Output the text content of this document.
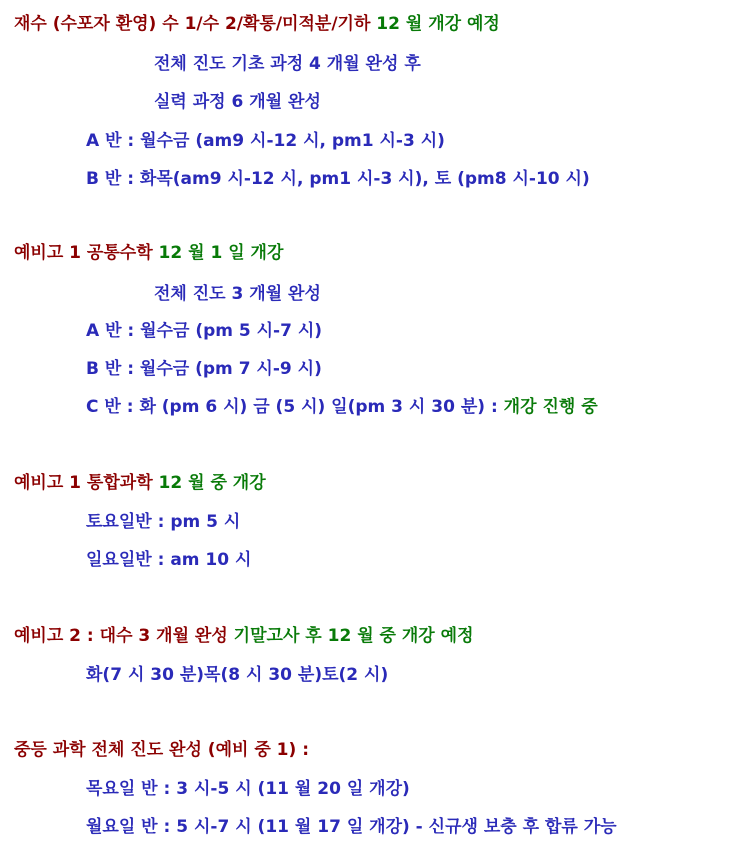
재수 (수포자 환영) 수 1/수 2/확통/미적분/기하 12 월 개강 예정

전체 진도 기초 과정 4 개월 완성 후

실력 과정 6 개월 완성

A 반 : 월수금 (am9 시-12 시, pm1 시-3 시)

B 반 : 화목(am9 시-12 시, pm1 시-3 시), 토 (pm8 시-10 시)

예비고 1 공통수학 12 월 1 일 개강

전체 진도 3 개월 완성

A 반 : 월수금 (pm 5 시-7 시)

B 반 : 월수금 (pm 7 시-9 시)

C 반 : 화 (pm 6 시) 금 (5 시) 일(pm 3 시 30 분) : 개강 진행 중

예비고 1 통합과학 12 월 중 개강

토요일반 : pm 5 시

일요일반 : am 10 시

예비고 2 : 대수 3 개월 완성 기말고사 후 12 월 중 개강 예정

화(7 시 30 분)목(8 시 30 분)토(2 시)

중등 과학 전체 진도 완성 (예비 중 1) :

목요일 반 : 3 시-5 시 (11 월 20 일 개강)

월요일 반 : 5 시-7 시 (11 월 17 일 개강) - 신규생 보충 후 합류 가능
